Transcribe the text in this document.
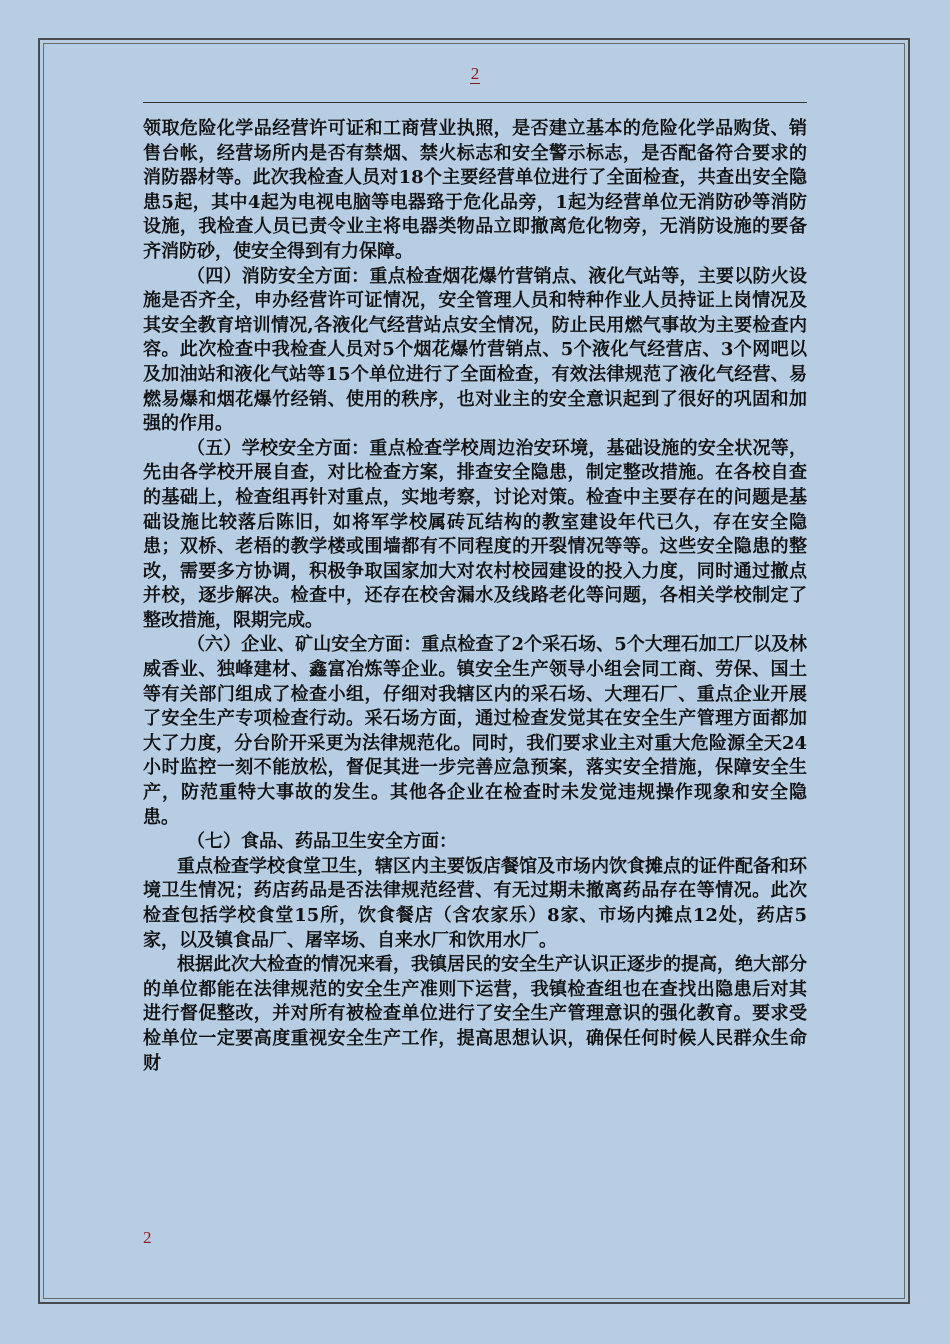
2

领取危险化学品经营许可证和工商营业执照，是否建立基本的危险化学品购货、销售台帐，经营场所内是否有禁烟、禁火标志和安全警示标志，是否配备符合要求的消防器材等。此次我检查人员对18个主要经营单位进行了全面检查，共查出安全隐患5起，其中4起为电视电脑等电器臵于危化品旁，1起为经营单位无消防砂等消防设施，我检查人员已责令业主将电器类物品立即撤离危化物旁，无消防设施的要备齐消防砂，使安全得到有力保障。

（四）消防安全方面：重点检查烟花爆竹营销点、液化气站等，主要以防火设施是否齐全，申办经营许可证情况，安全管理人员和特种作业人员持证上岗情况及其安全教育培训情况,各液化气经营站点安全情况，防止民用燃气事故为主要检查内容。此次检查中我检查人员对5个烟花爆竹营销点、5个液化气经营店、3个网吧以及加油站和液化气站等15个单位进行了全面检查，有效法律规范了液化气经营、易燃易爆和烟花爆竹经销、使用的秩序，也对业主的安全意识起到了很好的巩固和加强的作用。

（五）学校安全方面：重点检查学校周边治安环境，基础设施的安全状况等，先由各学校开展自查，对比检查方案，排查安全隐患，制定整改措施。在各校自查的基础上，检查组再针对重点，实地考察，讨论对策。检查中主要存在的问题是基础设施比较落后陈旧，如将军学校属砖瓦结构的教室建设年代已久，存在安全隐患；双桥、老梧的教学楼或围墙都有不同程度的开裂情况等等。这些安全隐患的整改，需要多方协调，积极争取国家加大对农村校园建设的投入力度，同时通过撤点并校，逐步解决。检查中，还存在校舍漏水及线路老化等问题，各相关学校制定了整改措施，限期完成。

（六）企业、矿山安全方面：重点检查了2个采石场、5个大理石加工厂以及林威香业、独峰建材、鑫富冶炼等企业。镇安全生产领导小组会同工商、劳保、国土等有关部门组成了检查小组，仔细对我辖区内的采石场、大理石厂、重点企业开展了安全生产专项检查行动。采石场方面，通过检查发觉其在安全生产管理方面都加大了力度，分台阶开采更为法律规范化。同时，我们要求业主对重大危险源全天24小时监控一刻不能放松，督促其进一步完善应急预案，落实安全措施，保障安全生产，防范重特大事故的发生。其他各企业在检查时未发觉违规操作现象和安全隐患。

（七）食品、药品卫生安全方面：

重点检查学校食堂卫生，辖区内主要饭店餐馆及市场内饮食摊点的证件配备和环境卫生情况；药店药品是否法律规范经营、有无过期未撤离药品存在等情况。此次检查包括学校食堂15所，饮食餐店（含农家乐）8家、市场内摊点12处，药店5家，以及镇食品厂、屠宰场、自来水厂和饮用水厂。

根据此次大检查的情况来看，我镇居民的安全生产认识正逐步的提高，绝大部分的单位都能在法律规范的安全生产准则下运营，我镇检查组也在查找出隐患后对其进行督促整改，并对所有被检查单位进行了安全生产管理意识的强化教育。要求受检单位一定要高度重视安全生产工作，提高思想认识，确保任何时候人民群众生命财

2
